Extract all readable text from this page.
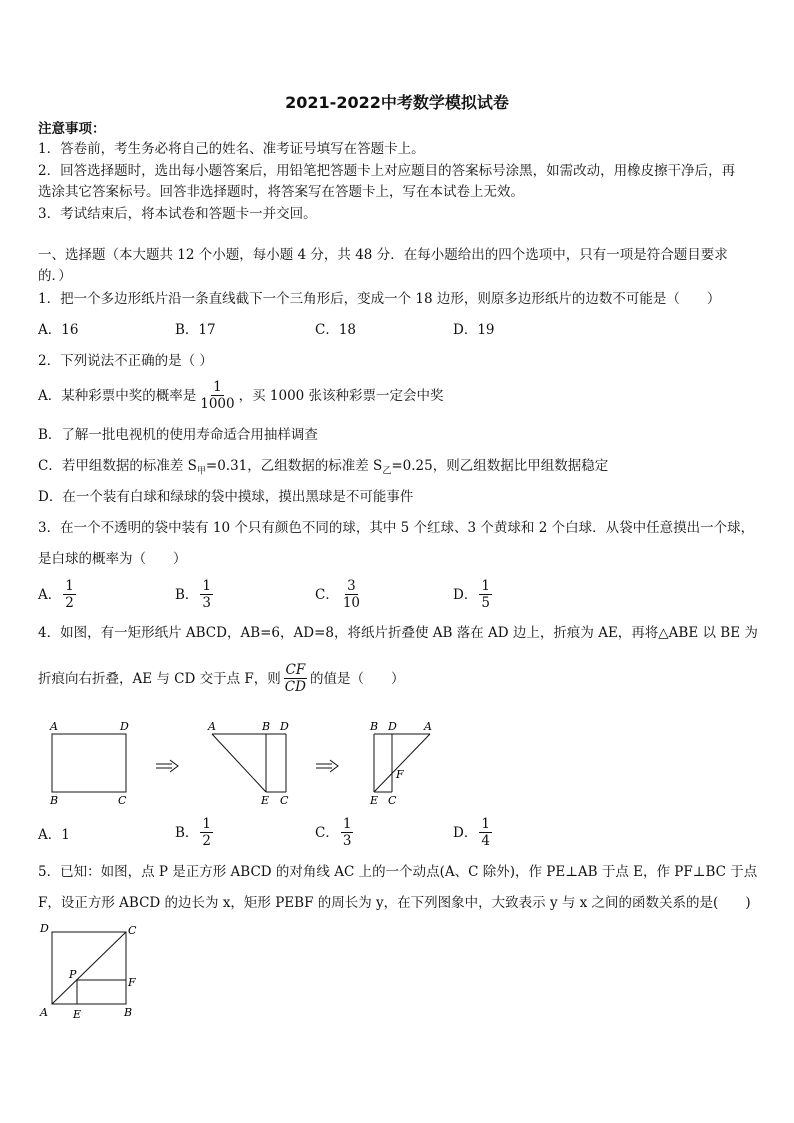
2021-2022中考数学模拟试卷
注意事项：
1．答卷前，考生务必将自己的姓名、准考证号填写在答题卡上。
2．回答选择题时，选出每小题答案后，用铅笔把答题卡上对应题目的答案标号涂黑，如需改动，用橡皮擦干净后，再
选涂其它答案标号。回答非选择题时，将答案写在答题卡上，写在本试卷上无效。
3．考试结束后，将本试卷和答题卡一并交回。
一、选择题（本大题共 12 个小题，每小题 4 分，共 48 分．在每小题给出的四个选项中，只有一项是符合题目要求
的．）
1．把一个多边形纸片沿一条直线截下一个三角形后，变成一个 18 边形，则原多边形纸片的边数不可能是（　　）
A．16	B．17	C．18	D．19
2．下列说法不正确的是（ ）
A．某种彩票中奖的概率是 $\frac{1}{1000}$ ，买 1000 张该种彩票一定会中奖
B．了解一批电视机的使用寿命适合用抽样调查
C．若甲组数据的标准差 $S_甲=0.31$，乙组数据的标准差 $S_乙=0.25$，则乙组数据比甲组数据稳定
D．在一个装有白球和绿球的袋中摸球，摸出黑球是不可能事件
3．在一个不透明的袋中装有 10 个只有颜色不同的球，其中 5 个红球、3 个黄球和 2 个白球．从袋中任意摸出一个球，
是白球的概率为（　　）
A． $\frac{1}{2}$	B． $\frac{1}{3}$	C． $\frac{3}{10}$	D． $\frac{1}{5}$
4．如图，有一矩形纸片 ABCD，AB=6，AD=8，将纸片折叠使 AB 落在 AD 边上，折痕为 AE，再将△ABE 以 BE 为
折痕向右折叠，AE 与 CD 交于点 F，则 $\frac{CF}{CD}$ 的值是（　　）
A	D
B	C
A	B D
E C
B D A
F
E C
A．1	B． $\frac{1}{2}$	C． $\frac{1}{3}$	D． $\frac{1}{4}$
5．已知：如图，点 P 是正方形 ABCD 的对角线 AC 上的一个动点(A、C 除外)，作 PE⊥AB 于点 E，作 PF⊥BC 于点
F，设正方形 ABCD 的边长为 x，矩形 PEBF 的周长为 y，在下列图象中，大致表示 y 与 x 之间的函数关系的是(　　)
D	C
P
F
A E	B
